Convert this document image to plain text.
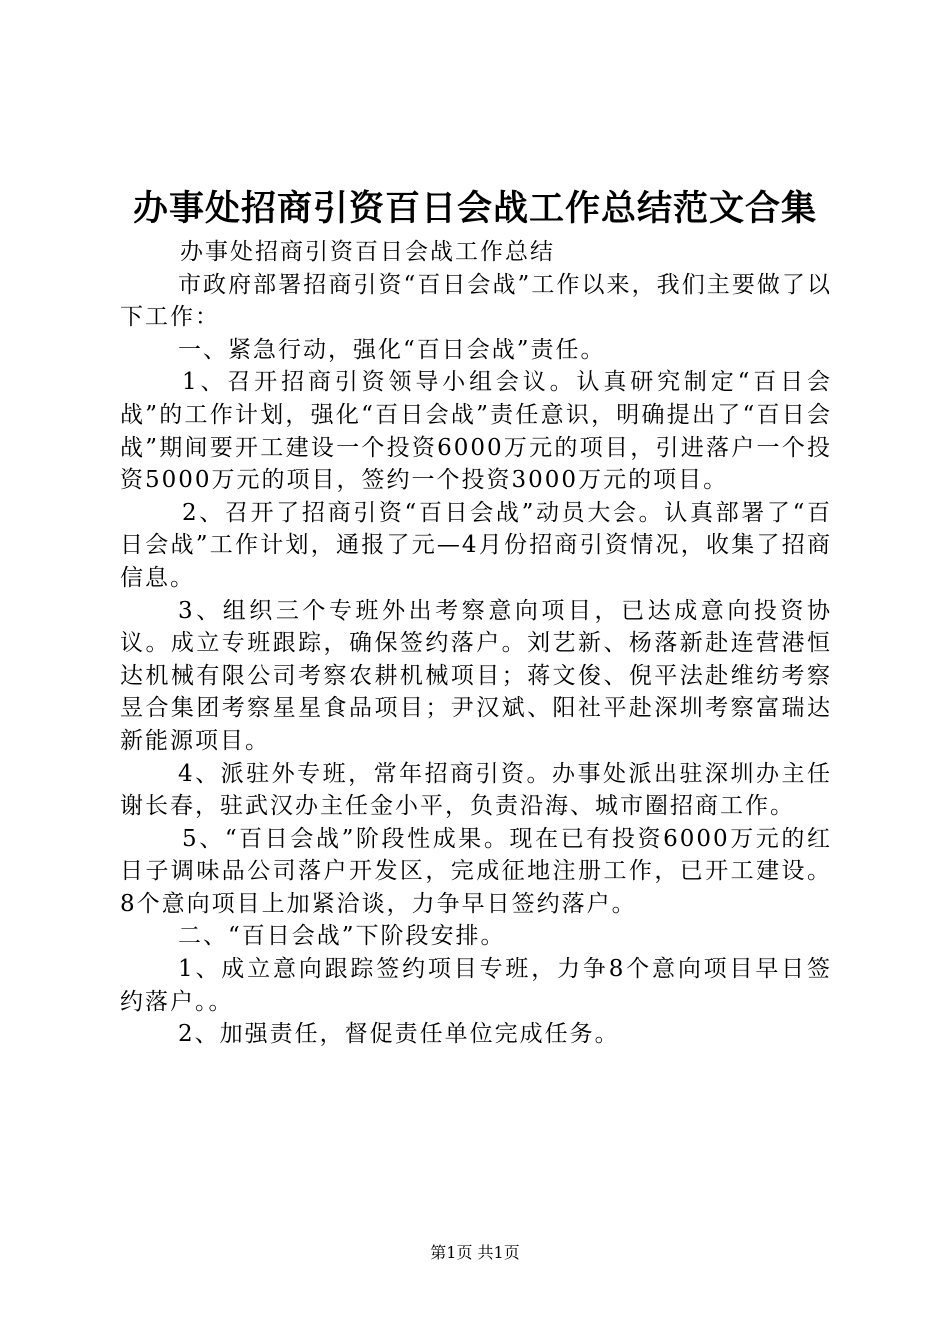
办事处招商引资百日会战工作总结范文合集

办事处招商引资百日会战工作总结

市政府部署招商引资“百日会战”工作以来，我们主要做了以下工作：

一、紧急行动，强化“百日会战”责任。

1、召开招商引资领导小组会议。认真研究制定“百日会战”的工作计划，强化“百日会战”责任意识，明确提出了“百日会战”期间要开工建设一个投资6000万元的项目，引进落户一个投资5000万元的项目，签约一个投资3000万元的项目。

2、召开了招商引资“百日会战”动员大会。认真部署了“百日会战”工作计划，通报了元—4月份招商引资情况，收集了招商信息。

3、组织三个专班外出考察意向项目，已达成意向投资协议。成立专班跟踪，确保签约落户。刘艺新、杨落新赴连营港恒达机械有限公司考察农耕机械项目；蒋文俊、倪平法赴维纺考察昱合集团考察星星食品项目；尹汉斌、阳社平赴深圳考察富瑞达新能源项目。

4、派驻外专班，常年招商引资。办事处派出驻深圳办主任谢长春，驻武汉办主任金小平，负责沿海、城市圈招商工作。

5、“百日会战”阶段性成果。现在已有投资6000万元的红日子调味品公司落户开发区，完成征地注册工作，已开工建设。8个意向项目上加紧洽谈，力争早日签约落户。

二、“百日会战”下阶段安排。

1、成立意向跟踪签约项目专班，力争8个意向项目早日签约落户。。

2、加强责任，督促责任单位完成任务。

第1页 共1页
